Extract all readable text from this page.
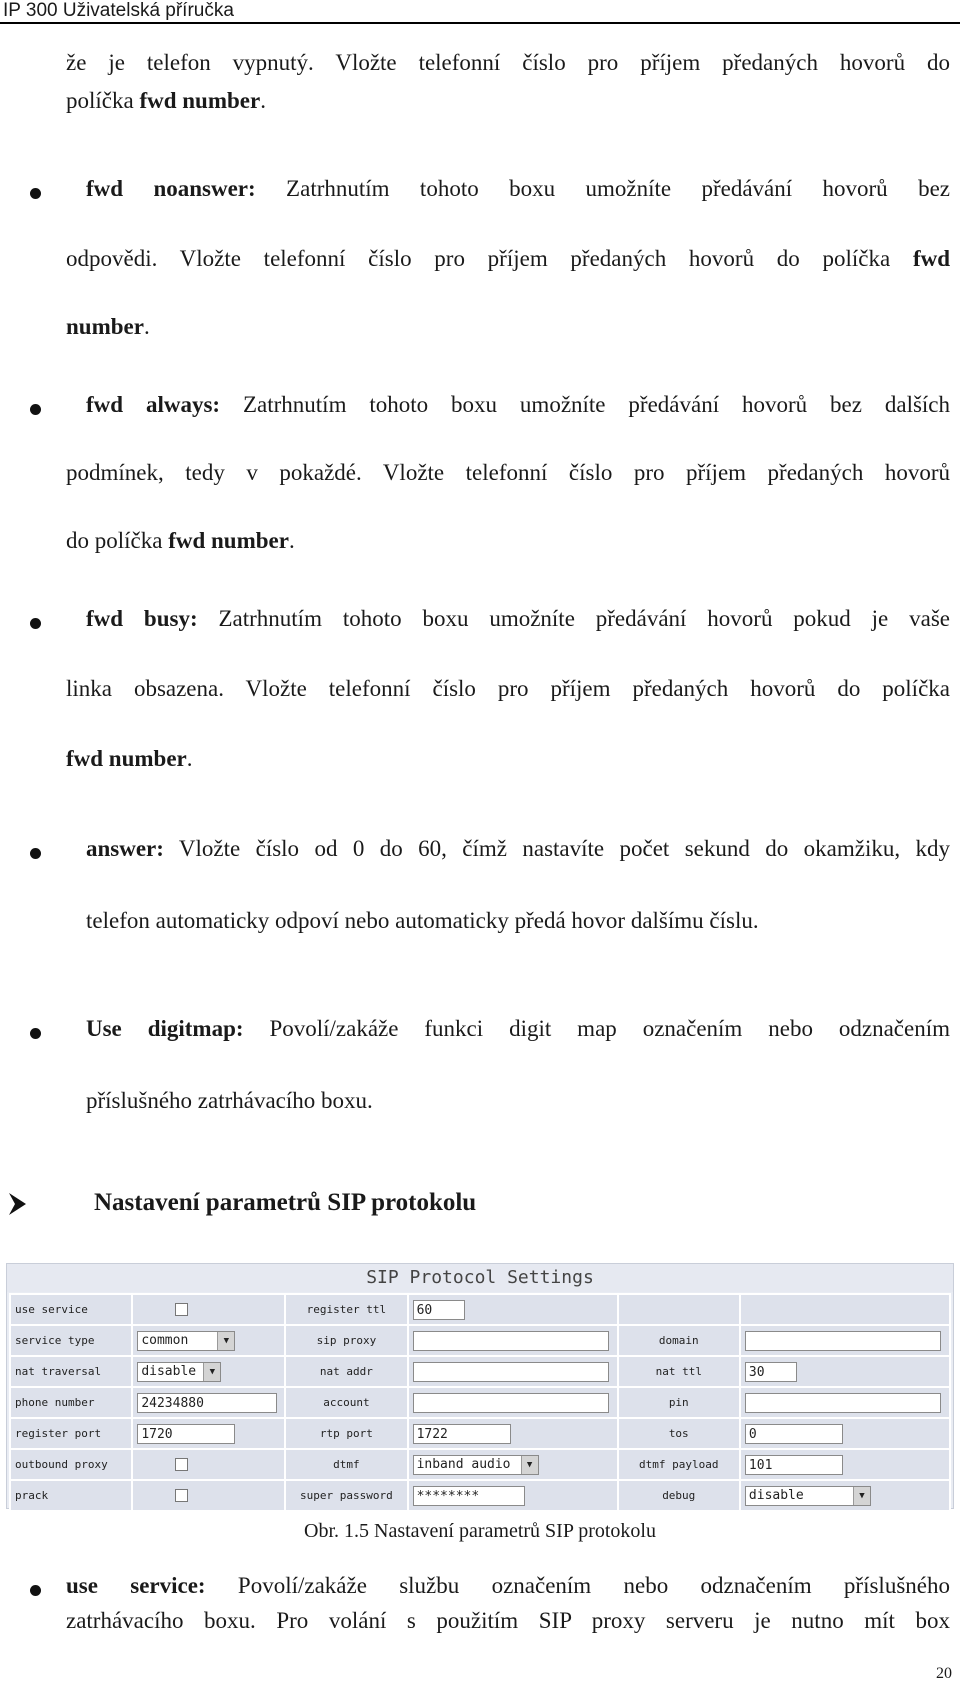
IP 300 Uživatelská příručka
že je telefon vypnutý. Vložte telefonní číslo pro příjem předaných hovorů do
políčka fwd number.
fwd noanswer: Zatrhnutím tohoto boxu umožníte předávání hovorů bez
odpovědi. Vložte telefonní číslo pro příjem předaných hovorů do políčka fwd
number.
fwd always: Zatrhnutím tohoto boxu umožníte předávání hovorů bez dalších
podmínek, tedy v pokaždé. Vložte telefonní číslo pro příjem předaných hovorů
do políčka fwd number.
fwd busy: Zatrhnutím tohoto boxu umožníte předávání hovorů pokud je vaše
linka obsazena. Vložte telefonní číslo pro příjem předaných hovorů do políčka
fwd number.
answer: Vložte číslo od 0 do 60, čímž nastavíte počet sekund do okamžiku, kdy
telefon automaticky odpoví nebo automaticky předá hovor dalšímu číslu.
Use digitmap: Povolí/zakáže funkci digit map označením nebo odznačením
příslušného zatrhávacího boxu.
use service: Povolí/zakáže službu označením nebo odznačením příslušného
zatrhávacího boxu. Pro volání s použitím SIP proxy serveru je nutno mít box
Nastavení parametrů SIP protokolu
SIP Protocol Settings
use service		register ttl	60		
service type	common ▼	sip proxy		domain	
nat traversal	disable ▼	nat addr		nat ttl	30
phone number	24234880	account		pin	
register port	1720	rtp port	1722	tos	0
outbound proxy		dtmf	inband audio ▼	dtmf payload	101
prack		super password	********	debug	disable ▼
Obr. 1.5 Nastavení parametrů SIP protokolu
20
